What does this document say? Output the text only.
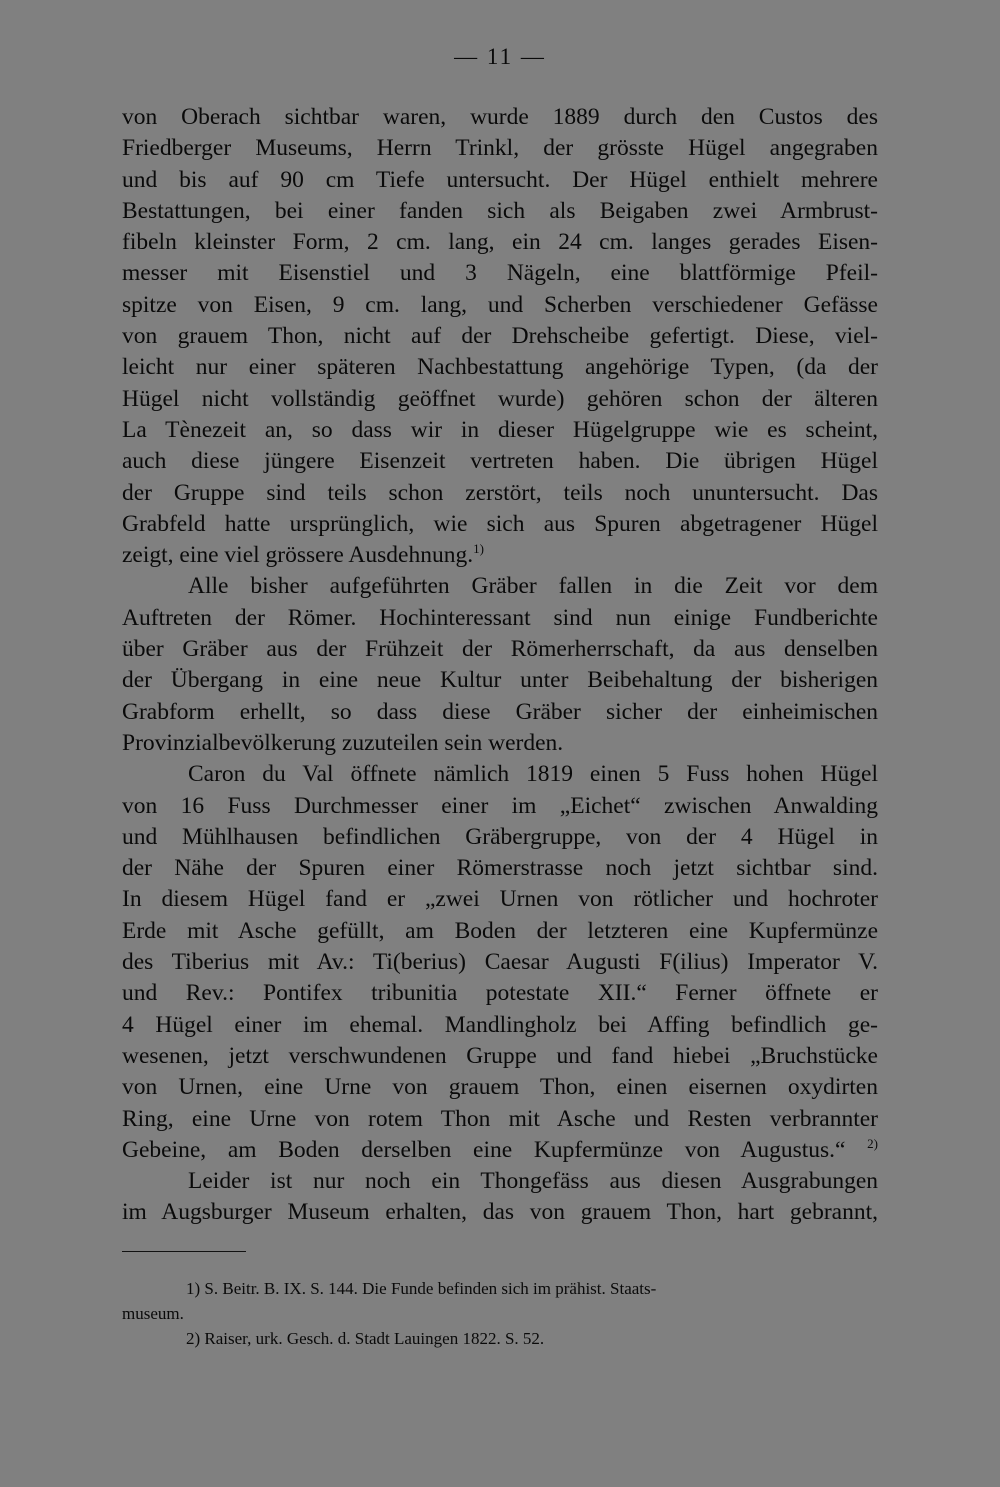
— 11 —
von Oberach sichtbar waren, wurde 1889 durch den Custos des
Friedberger Museums, Herrn Trinkl, der grösste Hügel angegraben
und bis auf 90 cm Tiefe untersucht. Der Hügel enthielt mehrere
Bestattungen, bei einer fanden sich als Beigaben zwei Armbrust-
fibeln kleinster Form, 2 cm. lang, ein 24 cm. langes gerades Eisen-
messer mit Eisenstiel und 3 Nägeln, eine blattförmige Pfeil-
spitze von Eisen, 9 cm. lang, und Scherben verschiedener Gefässe
von grauem Thon, nicht auf der Drehscheibe gefertigt. Diese, viel-
leicht nur einer späteren Nachbestattung angehörige Typen, (da der
Hügel nicht vollständig geöffnet wurde) gehören schon der älteren
La Tènezeit an, so dass wir in dieser Hügelgruppe wie es scheint,
auch diese jüngere Eisenzeit vertreten haben. Die übrigen Hügel
der Gruppe sind teils schon zerstört, teils noch ununtersucht. Das
Grabfeld hatte ursprünglich, wie sich aus Spuren abgetragener Hügel
zeigt, eine viel grössere Ausdehnung.$^{1)}$
Alle bisher aufgeführten Gräber fallen in die Zeit vor dem
Auftreten der Römer. Hochinteressant sind nun einige Fundberichte
über Gräber aus der Frühzeit der Römerherrschaft, da aus denselben
der Übergang in eine neue Kultur unter Beibehaltung der bisherigen
Grabform erhellt, so dass diese Gräber sicher der einheimischen
Provinzialbevölkerung zuzuteilen sein werden.
Caron du Val öffnete nämlich 1819 einen 5 Fuss hohen Hügel
von 16 Fuss Durchmesser einer im „Eichet“ zwischen Anwalding
und Mühlhausen befindlichen Gräbergruppe, von der 4 Hügel in
der Nähe der Spuren einer Römerstrasse noch jetzt sichtbar sind.
In diesem Hügel fand er „zwei Urnen von rötlicher und hochroter
Erde mit Asche gefüllt, am Boden der letzteren eine Kupfermünze
des Tiberius mit Av.: Ti(berius) Caesar Augusti F(ilius) Imperator V.
und Rev.: Pontifex tribunitia potestate XII.“ Ferner öffnete er
4 Hügel einer im ehemal. Mandlingholz bei Affing befindlich ge-
wesenen, jetzt verschwundenen Gruppe und fand hiebei „Bruchstücke
von Urnen, eine Urne von grauem Thon, einen eisernen oxydirten
Ring, eine Urne von rotem Thon mit Asche und Resten verbrannter
Gebeine, am Boden derselben eine Kupfermünze von Augustus.“ $^{2)}$
Leider ist nur noch ein Thongefäss aus diesen Ausgrabungen
im Augsburger Museum erhalten, das von grauem Thon, hart gebrannt,
1) S. Beitr. B. IX. S. 144. Die Funde befinden sich im prähist. Staats-
museum.
2) Raiser, urk. Gesch. d. Stadt Lauingen 1822. S. 52.
